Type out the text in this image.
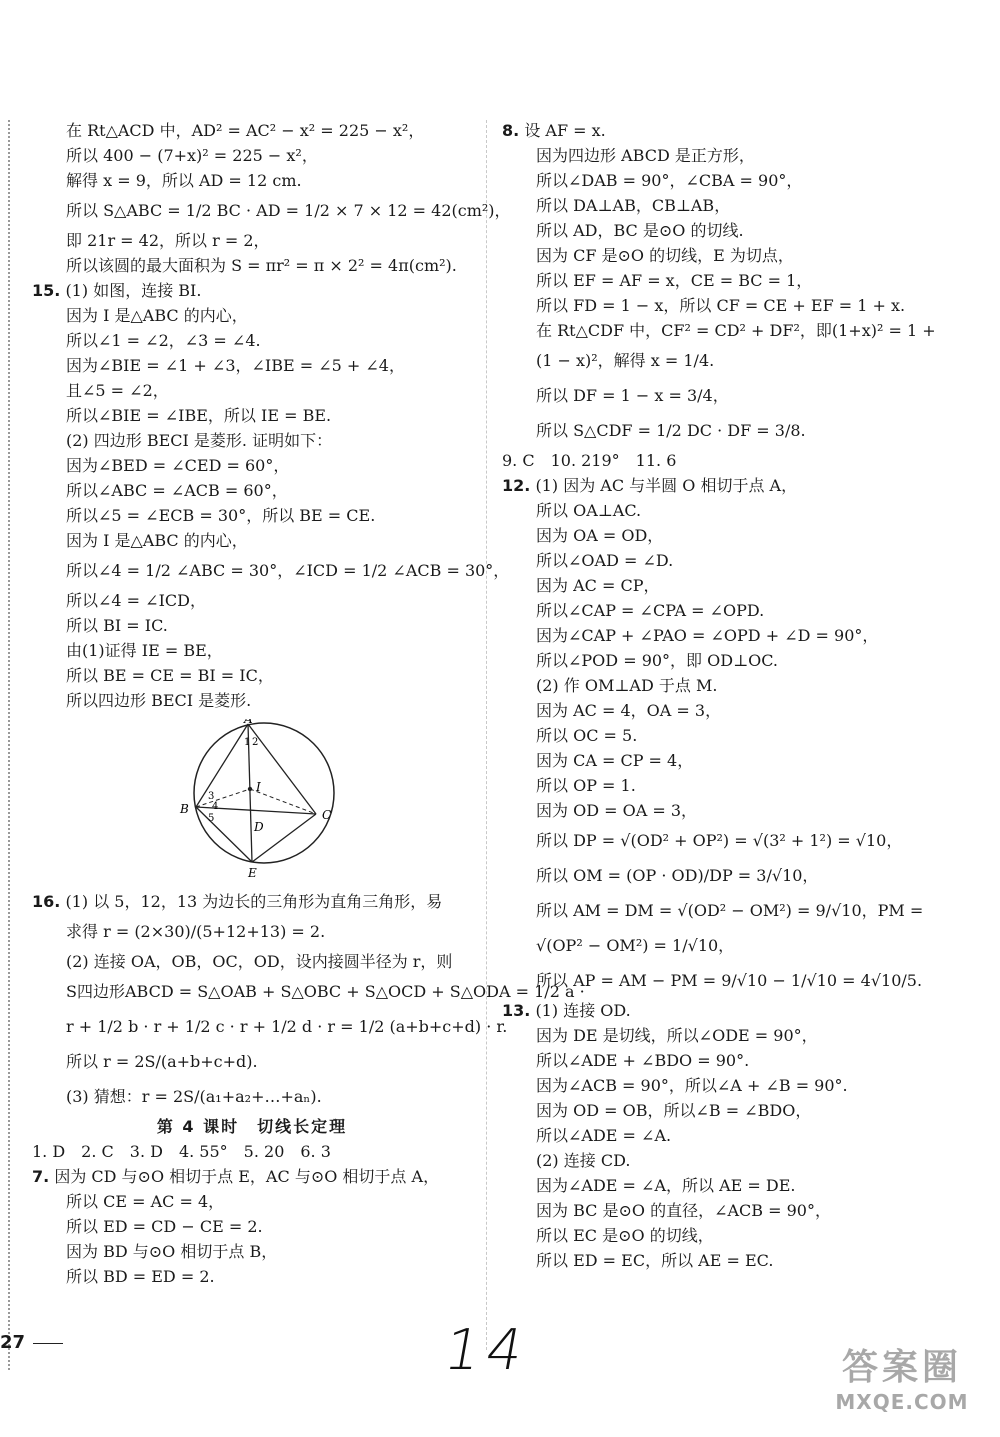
在 Rt△ACD 中，AD² = AC² − x² = 225 − x²，
所以 400 − (7+x)² = 225 − x²，
解得 x = 9，所以 AD = 12 cm.
所以 S△ABC = 1/2 BC · AD = 1/2 × 7 × 12 = 42(cm²)，
即 21r = 42，所以 r = 2，
所以该圆的最大面积为 S = πr² = π × 2² = 4π(cm²).
15. (1) 如图，连接 BI.
因为 I 是△ABC 的内心，
所以∠1 = ∠2，∠3 = ∠4.
因为∠BIE = ∠1 + ∠3，∠IBE = ∠5 + ∠4，
且∠5 = ∠2，
所以∠BIE = ∠IBE，所以 IE = BE.
(2) 四边形 BECI 是菱形. 证明如下：
因为∠BED = ∠CED = 60°，
所以∠ABC = ∠ACB = 60°，
所以∠5 = ∠ECB = 30°，所以 BE = CE.
因为 I 是△ABC 的内心，
所以∠4 = 1/2 ∠ABC = 30°，∠ICD = 1/2 ∠ACB = 30°，
所以∠4 = ∠ICD，
所以 BI = IC.
由(1)证得 IE = BE，
所以 BE = CE = BI = IC，
所以四边形 BECI 是菱形.
A
B	C
D
E
I
1 2
3
4
5
16. (1) 以 5，12，13 为边长的三角形为直角三角形，易
求得 r = (2×30)/(5+12+13) = 2.
(2) 连接 OA，OB，OC，OD，设内接圆半径为 r，则
S四边形ABCD = S△OAB + S△OBC + S△OCD + S△ODA = 1/2 a ·
r + 1/2 b · r + 1/2 c · r + 1/2 d · r = 1/2 (a+b+c+d) · r.
所以 r = 2S/(a+b+c+d).
(3) 猜想：r = 2S/(a₁+a₂+…+aₙ).
第 4 课时　切线长定理
1. D　2. C　3. D　4. 55°　5. 20　6. 3
7. 因为 CD 与⊙O 相切于点 E，AC 与⊙O 相切于点 A，
所以 CE = AC = 4，
所以 ED = CD − CE = 2.
因为 BD 与⊙O 相切于点 B，
所以 BD = ED = 2.
8. 设 AF = x.
因为四边形 ABCD 是正方形，
所以∠DAB = 90°，∠CBA = 90°，
所以 DA⊥AB，CB⊥AB，
所以 AD，BC 是⊙O 的切线.
因为 CF 是⊙O 的切线，E 为切点，
所以 EF = AF = x，CE = BC = 1，
所以 FD = 1 − x，所以 CF = CE + EF = 1 + x.
在 Rt△CDF 中，CF² = CD² + DF²，即(1+x)² = 1 +
(1 − x)²，解得 x = 1/4.
所以 DF = 1 − x = 3/4，
所以 S△CDF = 1/2 DC · DF = 3/8.
9. C　10. 219°　11. 6
12. (1) 因为 AC 与半圆 O 相切于点 A，
所以 OA⊥AC.
因为 OA = OD，
所以∠OAD = ∠D.
因为 AC = CP，
所以∠CAP = ∠CPA = ∠OPD.
因为∠CAP + ∠PAO = ∠OPD + ∠D = 90°，
所以∠POD = 90°，即 OD⊥OC.
(2) 作 OM⊥AD 于点 M.
因为 AC = 4，OA = 3，
所以 OC = 5.
因为 CA = CP = 4，
所以 OP = 1.
因为 OD = OA = 3，
所以 DP = √(OD² + OP²) = √(3² + 1²) = √10，
所以 OM = (OP · OD)/DP = 3/√10，
所以 AM = DM = √(OD² − OM²) = 9/√10，PM =
√(OP² − OM²) = 1/√10，
所以 AP = AM − PM = 9/√10 − 1/√10 = 4√10/5.
13. (1) 连接 OD.
因为 DE 是切线，所以∠ODE = 90°，
所以∠ADE + ∠BDO = 90°.
因为∠ACB = 90°，所以∠A + ∠B = 90°.
因为 OD = OB，所以∠B = ∠BDO，
所以∠ADE = ∠A.
(2) 连接 CD.
因为∠ADE = ∠A，所以 AE = DE.
因为 BC 是⊙O 的直径，∠ACB = 90°，
所以 EC 是⊙O 的切线，
所以 ED = EC，所以 AE = EC.
27	14	答案圈
MXQE.COM
